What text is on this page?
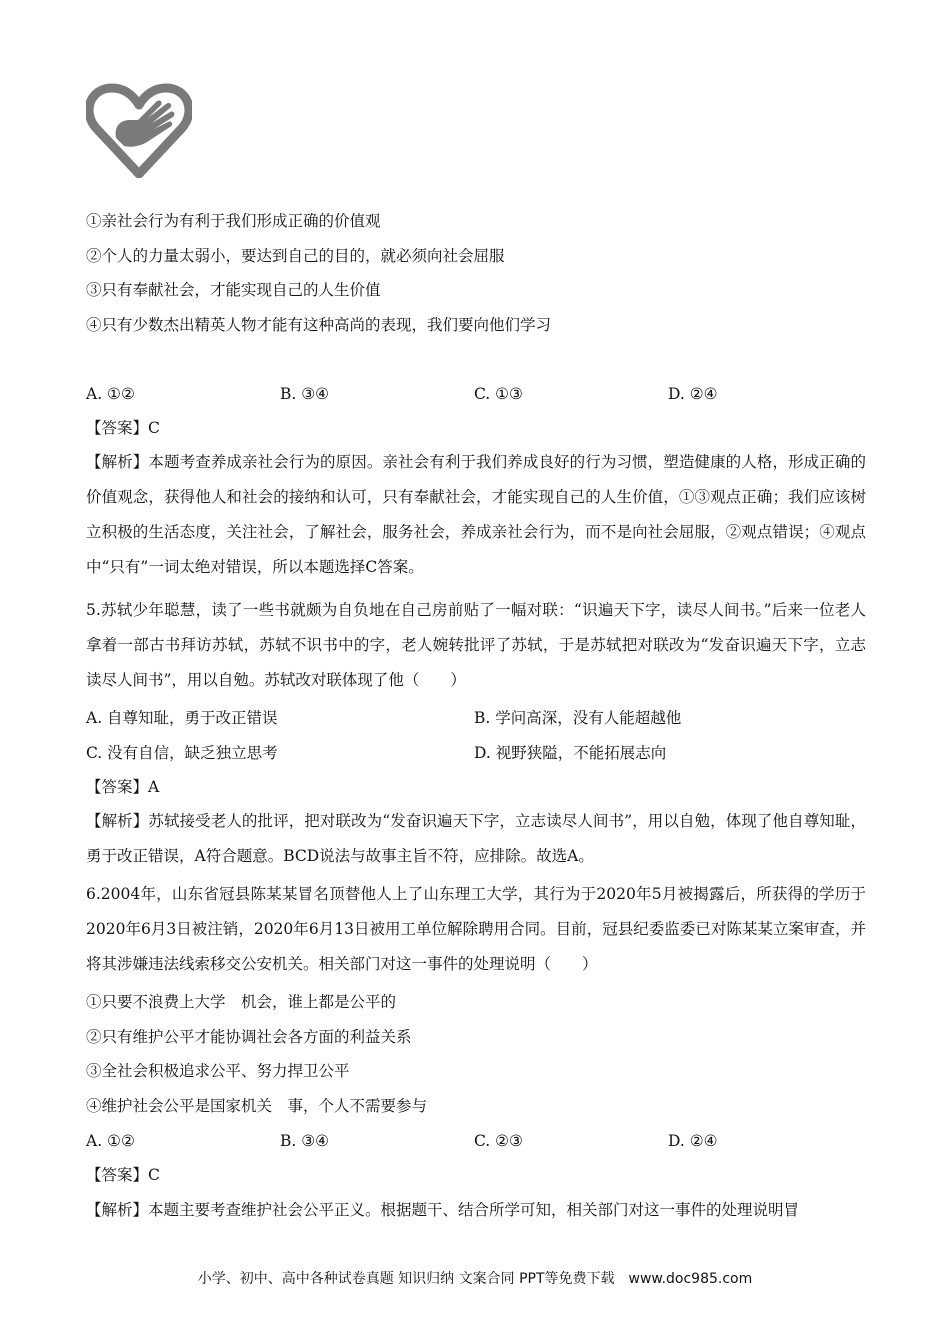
①亲社会行为有利于我们形成正确的价值观
②个人的力量太弱小，要达到自己的目的，就必须向社会屈服
③只有奉献社会，才能实现自己的人生价值
④只有少数杰出精英人物才能有这种高尚的表现，我们要向他们学习
A. ①②	B. ③④	C. ①③	D. ②④
【答案】C
【解析】本题考查养成亲社会行为的原因。亲社会有利于我们养成良好的行为习惯，塑造健康的人格，形成正确的价值观念，获得他人和社会的接纳和认可，只有奉献社会，才能实现自己的人生价值，①③观点正确；我们应该树立积极的生活态度，关注社会，了解社会，服务社会，养成亲社会行为，而不是向社会屈服，②观点错误；④观点中“只有”一词太绝对错误，所以本题选择C答案。
5.苏轼少年聪慧，读了一些书就颇为自负地在自己房前贴了一幅对联：“识遍天下字，读尽人间书。”后来一位老人拿着一部古书拜访苏轼，苏轼不识书中的字，老人婉转批评了苏轼，于是苏轼把对联改为“发奋识遍天下字，立志读尽人间书”，用以自勉。苏轼改对联体现了他（　　）
A. 自尊知耻，勇于改正错误	B. 学问高深，没有人能超越他
C. 没有自信，缺乏独立思考	D. 视野狭隘，不能拓展志向
【答案】A
【解析】苏轼接受老人的批评，把对联改为“发奋识遍天下字，立志读尽人间书”，用以自勉，体现了他自尊知耻，勇于改正错误，A符合题意。BCD说法与故事主旨不符，应排除。故选A。
6.2004年，山东省冠县陈某某冒名顶替他人上了山东理工大学，其行为于2020年5月被揭露后，所获得的学历于2020年6月3日被注销，2020年6月13日被用工单位解除聘用合同。目前，冠县纪委监委已对陈某某立案审查，并将其涉嫌违法线索移交公安机关。相关部门对这一事件的处理说明（　　）
①只要不浪费上大学　机会，谁上都是公平的
②只有维护公平才能协调社会各方面的利益关系
③全社会积极追求公平、努力捍卫公平
④维护社会公平是国家机关　事，个人不需要参与
A. ①②	B. ③④	C. ②③	D. ②④
【答案】C
【解析】本题主要考查维护社会公平正义。根据题干、结合所学可知，相关部门对这一事件的处理说明冒
小学、初中、高中各种试卷真题 知识归纳 文案合同 PPT等免费下载　www.doc985.com
